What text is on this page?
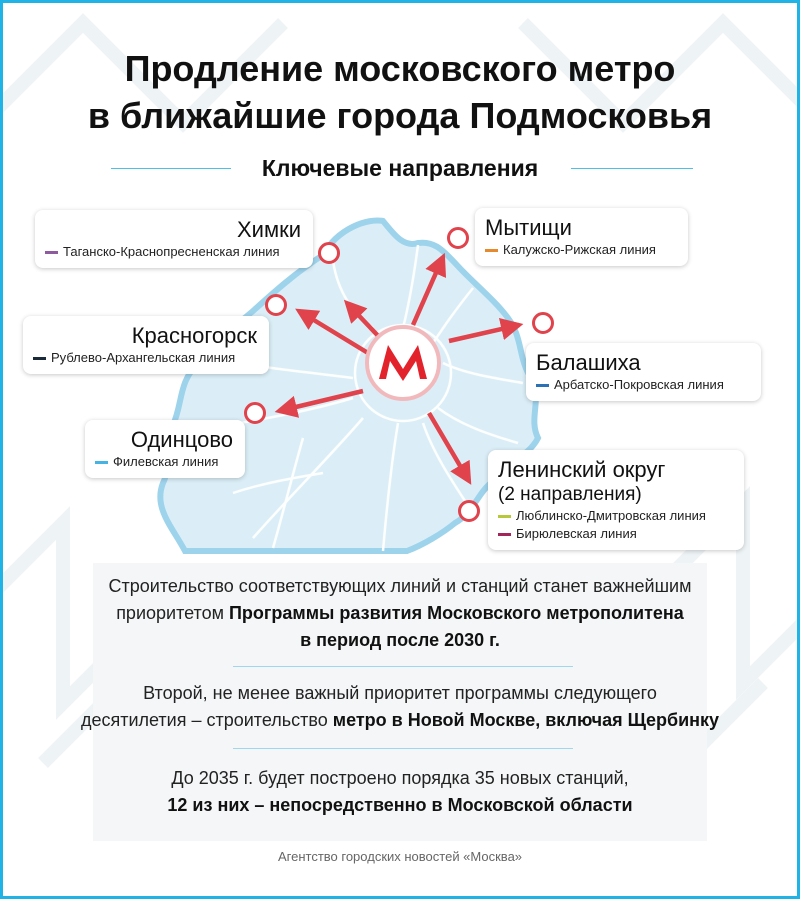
Продление московского метро
в ближайшие города Подмосковья
Ключевые направления
Химки
Таганско-Краснопресненская линия
Мытищи
Калужско-Рижская линия
Красногорск
Рублево-Архангельская линия	Балашиха
Арбатско-Покровская линия
Одинцово
Филевская линия	Ленинский округ
(2 направления)
Люблинско-Дмитровская линия
Бирюлевская линия
Строительство соответствующих линий и станций станет важнейшим
приоритетом Программы развития Московского метрополитена
в период после 2030 г.
Второй, не менее важный приоритет программы следующего
десятилетия – строительство метро в Новой Москве, включая Щербинку
До 2035 г. будет построено порядка 35 новых станций,
12 из них – непосредственно в Московской области
Агентство городских новостей «Москва»
